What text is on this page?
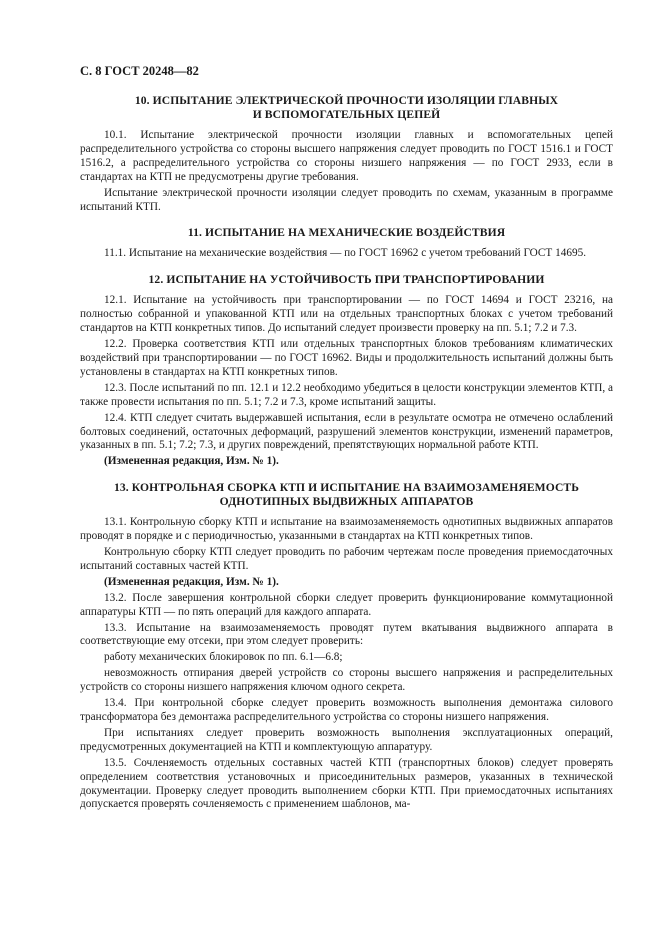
С. 8 ГОСТ 20248—82
10. ИСПЫТАНИЕ ЭЛЕКТРИЧЕСКОЙ ПРОЧНОСТИ ИЗОЛЯЦИИ ГЛАВНЫХ
И ВСПОМОГАТЕЛЬНЫХ ЦЕПЕЙ

10.1. Испытание электрической прочности изоляции главных и вспомогательных цепей распределительного устройства со стороны высшего напряжения следует проводить по ГОСТ 1516.1 и ГОСТ 1516.2, а распределительного устройства со стороны низшего напряжения — по ГОСТ 2933, если в стандартах на КТП не предусмотрены другие требования.

Испытание электрической прочности изоляции следует проводить по схемам, указанным в программе испытаний КТП.

11. ИСПЫТАНИЕ НА МЕХАНИЧЕСКИЕ ВОЗДЕЙСТВИЯ

11.1. Испытание на механические воздействия — по ГОСТ 16962 с учетом требований ГОСТ 14695.

12. ИСПЫТАНИЕ НА УСТОЙЧИВОСТЬ ПРИ ТРАНСПОРТИРОВАНИИ

12.1. Испытание на устойчивость при транспортировании — по ГОСТ 14694 и ГОСТ 23216, на полностью собранной и упакованной КТП или на отдельных транспортных блоках с учетом требований стандартов на КТП конкретных типов. До испытаний следует произвести проверку на пп. 5.1; 7.2 и 7.3.

12.2. Проверка соответствия КТП или отдельных транспортных блоков требованиям климатических воздействий при транспортировании — по ГОСТ 16962. Виды и продолжительность испытаний должны быть установлены в стандартах на КТП конкретных типов.

12.3. После испытаний по пп. 12.1 и 12.2 необходимо убедиться в целости конструкции элементов КТП, а также провести испытания по пп. 5.1; 7.2 и 7.3, кроме испытаний защиты.

12.4. КТП следует считать выдержавшей испытания, если в результате осмотра не отмечено ослаблений болтовых соединений, остаточных деформаций, разрушений элементов конструкции, изменений параметров, указанных в пп. 5.1; 7.2; 7.3, и других повреждений, препятствующих нормальной работе КТП.

(Измененная редакция, Изм. № 1).

13. КОНТРОЛЬНАЯ СБОРКА КТП И ИСПЫТАНИЕ НА ВЗАИМОЗАМЕНЯЕМОСТЬ
ОДНОТИПНЫХ ВЫДВИЖНЫХ АППАРАТОВ

13.1. Контрольную сборку КТП и испытание на взаимозаменяемость однотипных выдвижных аппаратов проводят в порядке и с периодичностью, указанными в стандартах на КТП конкретных типов.

Контрольную сборку КТП следует проводить по рабочим чертежам после проведения приемосдаточных испытаний составных частей КТП.

(Измененная редакция, Изм. № 1).

13.2. После завершения контрольной сборки следует проверить функционирование коммутационной аппаратуры КТП — по пять операций для каждого аппарата.

13.3. Испытание на взаимозаменяемость проводят путем вкатывания выдвижного аппарата в соответствующие ему отсеки, при этом следует проверить:

работу механических блокировок по пп. 6.1—6.8;

невозможность отпирания дверей устройств со стороны высшего напряжения и распределительных устройств со стороны низшего напряжения ключом одного секрета.

13.4. При контрольной сборке следует проверить возможность выполнения демонтажа силового трансформатора без демонтажа распределительного устройства со стороны низшего напряжения.

При испытаниях следует проверить возможность выполнения эксплуатационных операций, предусмотренных документацией на КТП и комплектующую аппаратуру.

13.5. Сочленяемость отдельных составных частей КТП (транспортных блоков) следует проверять определением соответствия установочных и присоединительных размеров, указанных в технической документации. Проверку следует проводить выполнением сборки КТП. При приемосдаточных испытаниях допускается проверять сочленяемость с применением шаблонов, ма-
